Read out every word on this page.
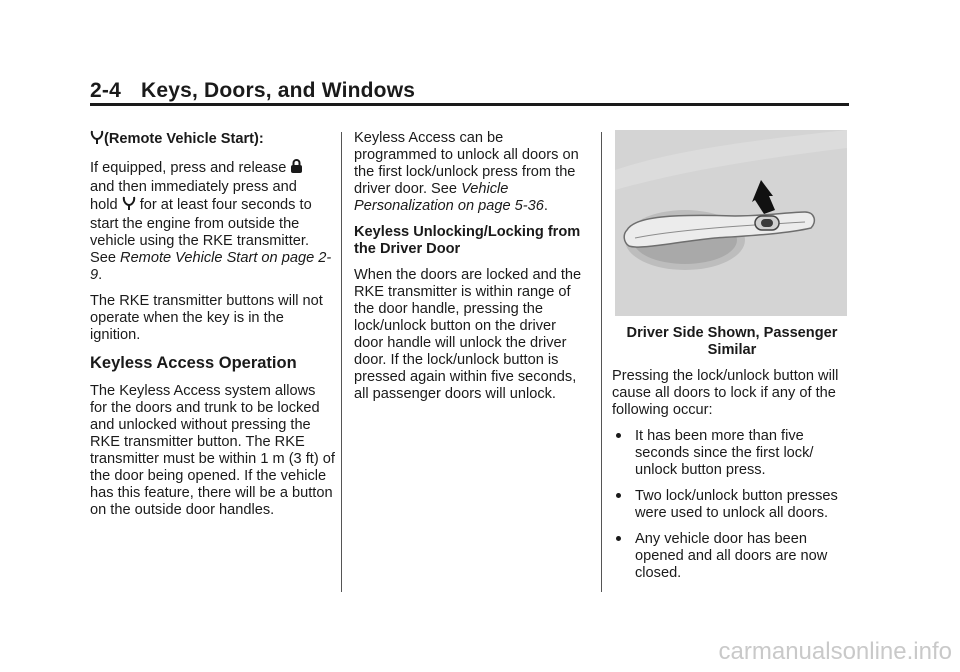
2-4 Keys, Doors, and Windows

(Remote Vehicle Start):

If equipped, press and release
and then immediately press and
hold for at least four seconds to start the engine from outside the vehicle using the RKE transmitter. See Remote Vehicle Start on page 2-9.

The RKE transmitter buttons will not operate when the key is in the ignition.

Keyless Access Operation

The Keyless Access system allows for the doors and trunk to be locked and unlocked without pressing the RKE transmitter button. The RKE transmitter must be within 1 m (3 ft) of the door being opened. If the vehicle has this feature, there will be a button on the outside door handles.

Keyless Access can be programmed to unlock all doors on the first lock/unlock press from the driver door. See Vehicle Personalization on page 5-36.

Keyless Unlocking/Locking from the Driver Door

When the doors are locked and the RKE transmitter is within range of the door handle, pressing the lock/unlock button on the driver door handle will unlock the driver door. If the lock/unlock button is pressed again within five seconds, all passenger doors will unlock.

Driver Side Shown, Passenger Similar

Pressing the lock/unlock button will cause all doors to lock if any of the following occur:

It has been more than five seconds since the first lock/ unlock button press.
Two lock/unlock button presses were used to unlock all doors.
Any vehicle door has been opened and all doors are now closed.
carmanualsonline.info
